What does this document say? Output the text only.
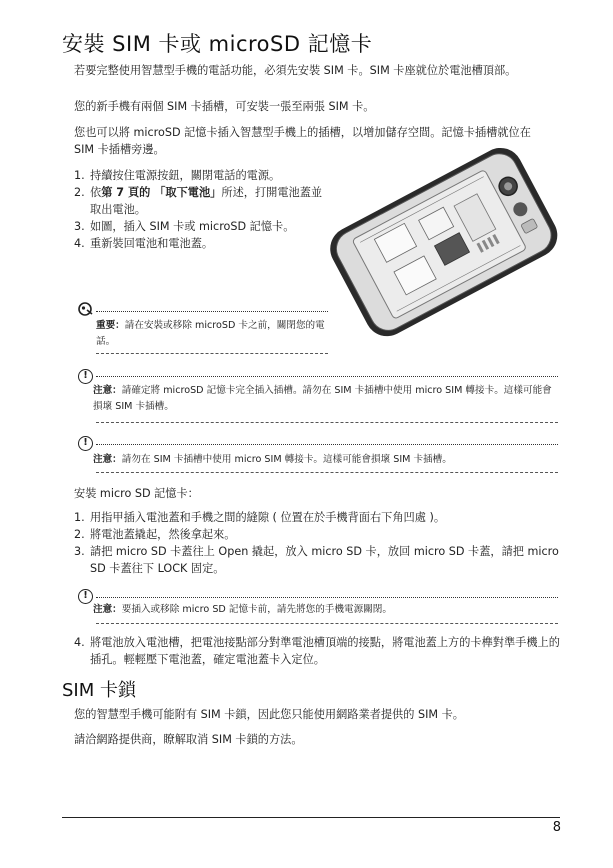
安裝 SIM 卡或 microSD 記憶卡
若要完整使用智慧型手機的電話功能，必須先安裝 SIM 卡。SIM 卡座就位於電池槽頂部。
您的新手機有兩個 SIM 卡插槽，可安裝一張至兩張 SIM 卡。
您也可以將 microSD 記憶卡插入智慧型手機上的插槽，以增加儲存空間。記憶卡插槽就位在 SIM 卡插槽旁邊。
1. 持續按住電源按鈕，關閉電話的電源。
2. 依第 7 頁的 「取下電池」所述，打開電池蓋並取出電池。
3. 如圖，插入 SIM 卡或 microSD 記憶卡。
4. 重新裝回電池和電池蓋。
重要：請在安裝或移除 microSD 卡之前，關閉您的電話。
!
注意：請確定將 microSD 記憶卡完全插入插槽。請勿在 SIM 卡插槽中使用 micro SIM 轉接卡。這樣可能會損壞 SIM 卡插槽。
!
注意：請勿在 SIM 卡插槽中使用 micro SIM 轉接卡。這樣可能會損壞 SIM 卡插槽。
安裝 micro SD 記憶卡：
1. 用指甲插入電池蓋和手機之間的縫隙 ( 位置在於手機背面右下角凹處 )。
2. 將電池蓋撬起，然後拿起來。
3. 請把 micro SD 卡蓋往上 Open 撬起，放入 micro SD 卡，放回 micro SD 卡蓋，請把 micro SD 卡蓋往下 LOCK 固定。
!
注意：要插入或移除 micro SD 記憶卡前，請先將您的手機電源關閉。
4. 將電池放入電池槽，把電池接點部分對準電池槽頂端的接點，將電池蓋上方的卡榫對準手機上的插孔。輕輕壓下電池蓋，確定電池蓋卡入定位。
SIM 卡鎖
您的智慧型手機可能附有 SIM 卡鎖，因此您只能使用網路業者提供的 SIM 卡。
請洽網路提供商，瞭解取消 SIM 卡鎖的方法。
8
